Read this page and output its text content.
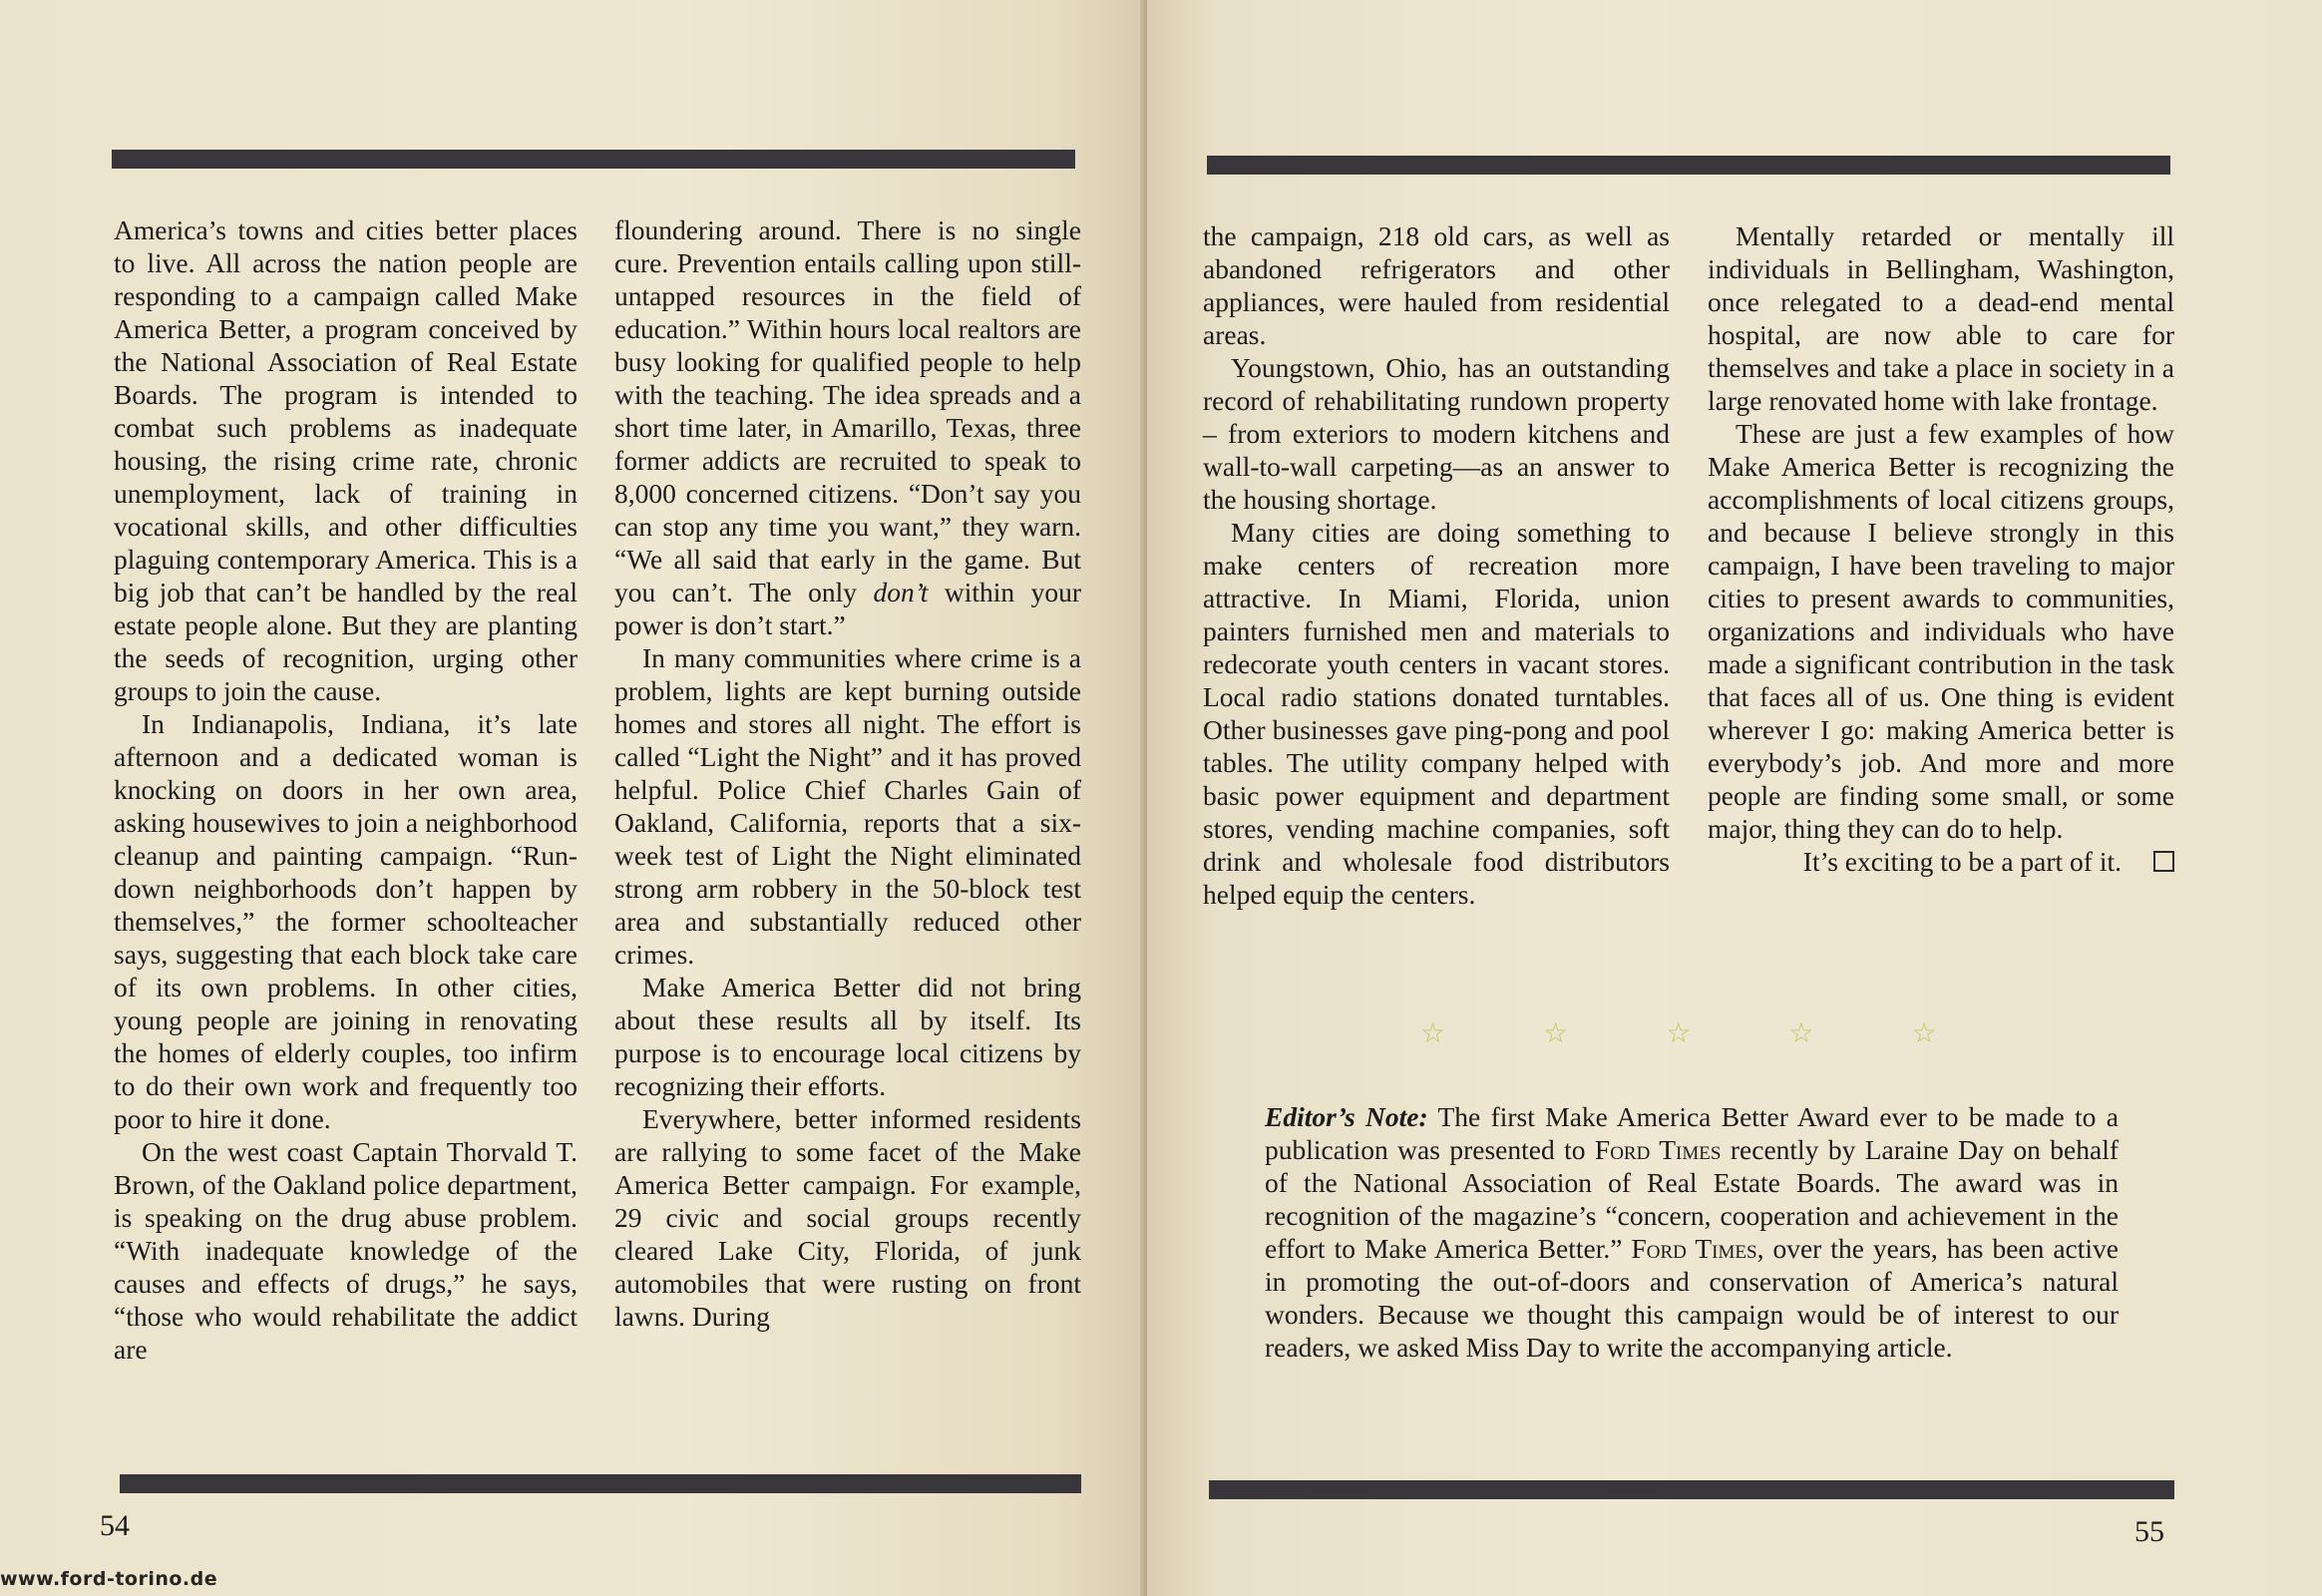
America’s towns and cities better places to live. All across the nation people are responding to a campaign called Make America Better, a program conceived by the National Association of Real Estate Boards. The program is intended to combat such problems as inadequate housing, the rising crime rate, chronic unemployment, lack of training in vocational skills, and other difficulties plaguing contemporary America. This is a big job that can’t be handled by the real estate people alone. But they are planting the seeds of recognition, urging other groups to join the cause.

In Indianapolis, Indiana, it’s late afternoon and a dedicated woman is knocking on doors in her own area, asking housewives to join a neighborhood cleanup and painting campaign. “Run-down neighborhoods don’t happen by themselves,” the former schoolteacher says, suggesting that each block take care of its own problems. In other cities, young people are joining in renovating the homes of elderly couples, too infirm to do their own work and frequently too poor to hire it done.

On the west coast Captain Thorvald T. Brown, of the Oakland police department, is speaking on the drug abuse problem. “With inadequate knowledge of the causes and effects of drugs,” he says, “those who would rehabilitate the addict are

floundering around. There is no single cure. Prevention entails calling upon still-untapped resources in the field of education.” Within hours local realtors are busy looking for qualified people to help with the teaching. The idea spreads and a short time later, in Amarillo, Texas, three former addicts are recruited to speak to 8,000 concerned citizens. “Don’t say you can stop any time you want,” they warn. “We all said that early in the game. But you can’t. The only don’t within your power is don’t start.”

In many communities where crime is a problem, lights are kept burning outside homes and stores all night. The effort is called “Light the Night” and it has proved helpful. Police Chief Charles Gain of Oakland, California, reports that a six-week test of Light the Night eliminated strong arm robbery in the 50-block test area and substantially reduced other crimes.

Make America Better did not bring about these results all by itself. Its purpose is to encourage local citizens by recognizing their efforts.

Everywhere, better informed residents are rallying to some facet of the Make America Better campaign. For example, 29 civic and social groups recently cleared Lake City, Florida, of junk automobiles that were rusting on front lawns. During

54
www.ford-torino.de

the campaign, 218 old cars, as well as abandoned refrigerators and other appliances, were hauled from residential areas.

Youngstown, Ohio, has an outstanding record of rehabilitating rundown property – from exteriors to modern kitchens and wall-to-wall carpeting—as an answer to the housing shortage.

Many cities are doing something to make centers of recreation more attractive. In Miami, Florida, union painters furnished men and materials to redecorate youth centers in vacant stores. Local radio stations donated turntables. Other businesses gave ping-pong and pool tables. The utility company helped with basic power equipment and department stores, vending machine companies, soft drink and wholesale food distributors helped equip the centers.

Mentally retarded or mentally ill individuals in Bellingham, Washington, once relegated to a dead-end mental hospital, are now able to care for themselves and take a place in society in a large renovated home with lake frontage.

These are just a few examples of how Make America Better is recognizing the accomplishments of local citizens groups, and because I believe strongly in this campaign, I have been traveling to major cities to present awards to communities, organizations and individuals who have made a significant contribution in the task that faces all of us. One thing is evident wherever I go: making America better is everybody’s job. And more and more people are finding some small, or some major, thing they can do to help.

It’s exciting to be a part of it.

☆	☆	☆	☆	☆
Editor’s Note: The first Make America Better Award ever to be made to a publication was presented to Ford Times recently by Laraine Day on behalf of the National Association of Real Estate Boards. The award was in recognition of the magazine’s “concern, cooperation and achievement in the effort to Make America Better.” Ford Times, over the years, has been active in promoting the out-of-doors and conservation of America’s natural wonders. Because we thought this campaign would be of interest to our readers, we asked Miss Day to write the accompanying article.
55
